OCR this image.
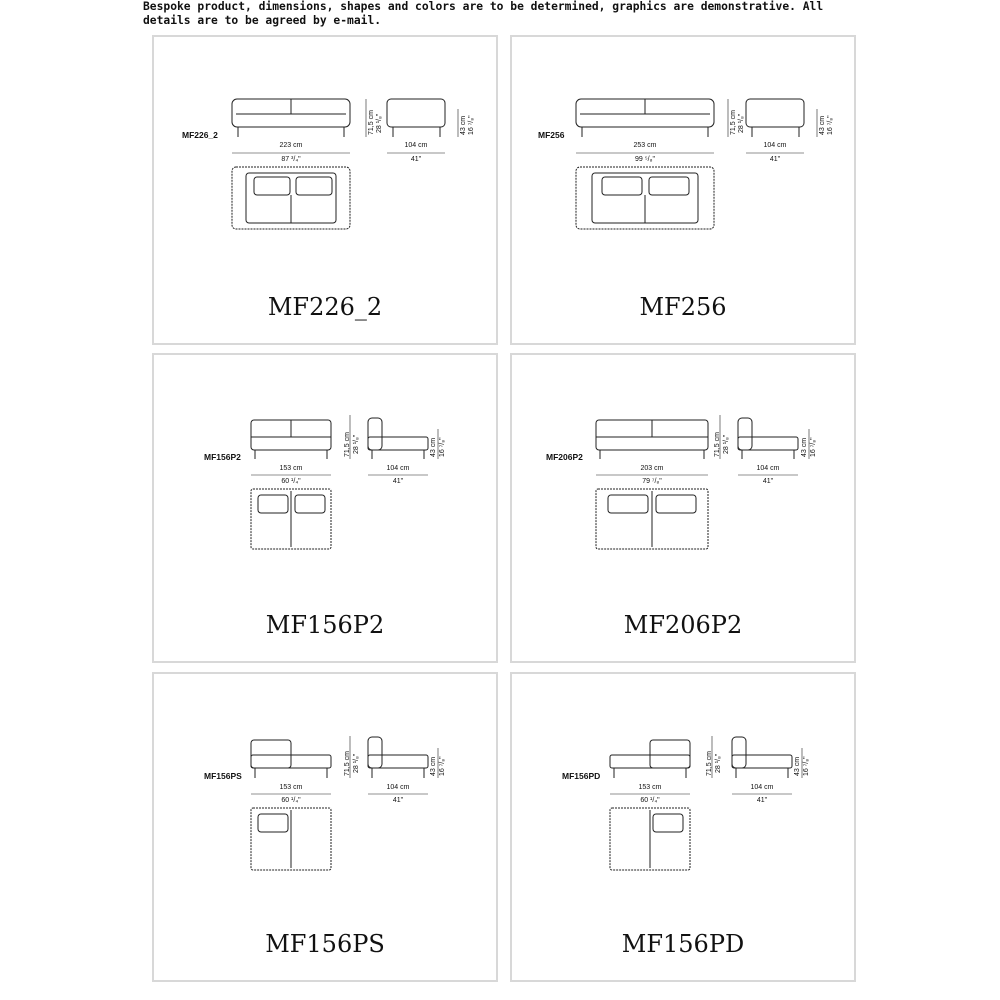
Bespoke product, dimensions, shapes and colors are to be determined, graphics are demonstrative. All
details are to be agreed by e-mail.
MF226_2
223 cm
87 ³/₄"
104 cm
41"
71,5 cm 28 ¹/₈"	43 cm 16 ⁷/₈"
MF226_2
MF256
253 cm
99 ⁵/₈"
104 cm
41"
71,5 cm 28 ¹/₈"	43 cm 16 ⁷/₈"
MF256
MF156P2
153 cm
60 ¹/₄"
104 cm
41"
71,5 cm 28 ¹/₈"	43 cm 16 ⁷/₈"
MF156P2
MF206P2
203 cm
79 ⁷/₈"
104 cm
41"
71,5 cm 28 ¹/₈"	43 cm 16 ⁷/₈"
MF206P2
MF156PS
153 cm
60 ¹/₄"
104 cm
41"
71,5 cm 28 ¹/₈"	43 cm 16 ⁷/₈"
MF156PS
MF156PD
153 cm
60 ¹/₄"
104 cm
41"
71,5 cm 28 ¹/₈"	43 cm 16 ⁷/₈"
MF156PD
